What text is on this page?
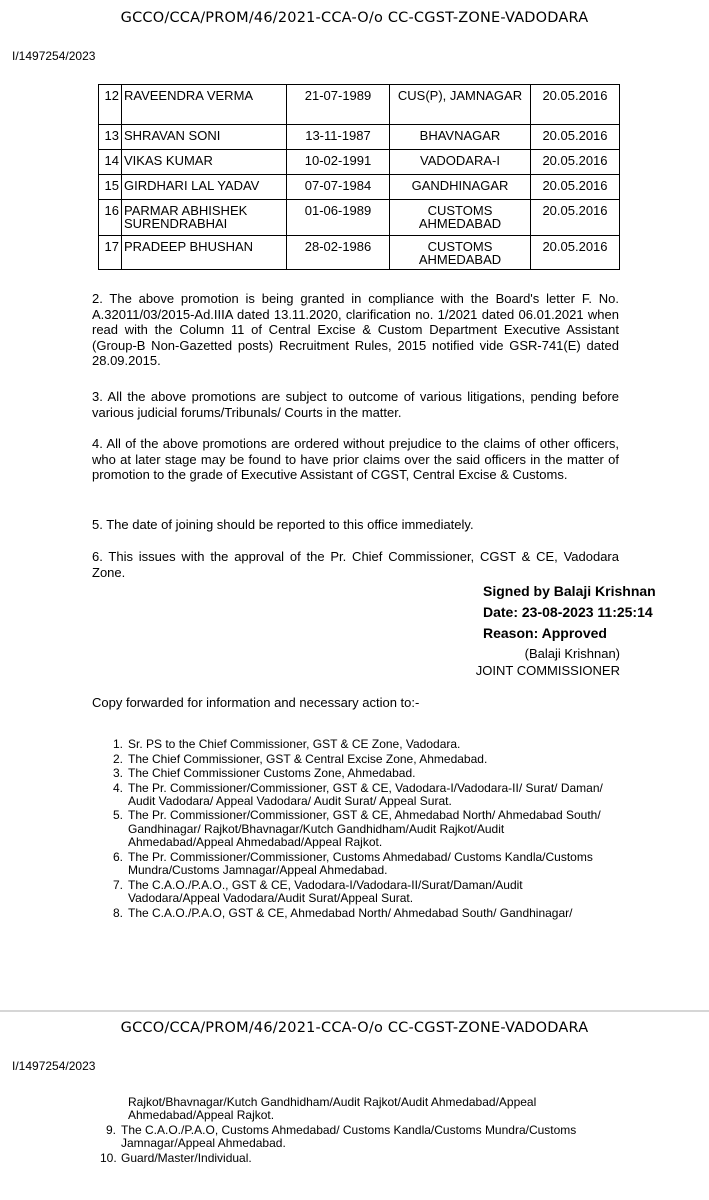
GCCO/CCA/PROM/46/2021-CCA-O/o CC-CGST-ZONE-VADODARA
I/1497254/2023
12	RAVEENDRA VERMA	21-07-1989	CUS(P), JAMNAGAR	20.05.2016
13	SHRAVAN SONI	13-11-1987	BHAVNAGAR	20.05.2016
14	VIKAS KUMAR	10-02-1991	VADODARA-I	20.05.2016
15	GIRDHARI LAL YADAV	07-07-1984	GANDHINAGAR	20.05.2016
16	PARMAR ABHISHEK SURENDRABHAI	01-06-1989	CUSTOMS AHMEDABAD	20.05.2016
17	PRADEEP BHUSHAN	28-02-1986	CUSTOMS AHMEDABAD	20.05.2016
2. The above promotion is being granted in compliance with the Board's letter F. No. A.32011/03/2015-Ad.IIIA dated 13.11.2020, clarification no. 1/2021 dated 06.01.2021 when read with the Column 11 of Central Excise & Custom Department Executive Assistant (Group-B Non-Gazetted posts) Recruitment Rules, 2015 notified vide GSR-741(E) dated 28.09.2015.
3. All the above promotions are subject to outcome of various litigations, pending before various judicial forums/Tribunals/ Courts in the matter.
4. All of the above promotions are ordered without prejudice to the claims of other officers, who at later stage may be found to have prior claims over the said officers in the matter of promotion to the grade of Executive Assistant of CGST, Central Excise & Customs.
5. The date of joining should be reported to this office immediately.
6. This issues with the approval of the Pr. Chief Commissioner, CGST & CE, Vadodara Zone.
Signed by Balaji Krishnan
Date: 23-08-2023 11:25:14
Reason: Approved
(Balaji Krishnan)
JOINT COMMISSIONER
Copy forwarded for information and necessary action to:-
1. Sr. PS to the Chief Commissioner, GST & CE Zone, Vadodara.
2. The Chief Commissioner, GST & Central Excise Zone, Ahmedabad.
3. The Chief Commissioner Customs Zone, Ahmedabad.
4. The Pr. Commissioner/Commissioner, GST & CE, Vadodara-I/Vadodara-II/ Surat/ Daman/ Audit Vadodara/ Appeal Vadodara/ Audit Surat/ Appeal Surat.
5. The Pr. Commissioner/Commissioner, GST & CE, Ahmedabad North/ Ahmedabad South/ Gandhinagar/ Rajkot/Bhavnagar/Kutch Gandhidham/Audit Rajkot/Audit Ahmedabad/Appeal Ahmedabad/Appeal Rajkot.
6. The Pr. Commissioner/Commissioner, Customs Ahmedabad/ Customs Kandla/Customs Mundra/Customs Jamnagar/Appeal Ahmedabad.
7. The C.A.O./P.A.O., GST & CE, Vadodara-I/Vadodara-II/Surat/Daman/Audit Vadodara/Appeal Vadodara/Audit Surat/Appeal Surat.
8. The C.A.O./P.A.O, GST & CE, Ahmedabad North/ Ahmedabad South/ Gandhinagar/
GCCO/CCA/PROM/46/2021-CCA-O/o CC-CGST-ZONE-VADODARA
I/1497254/2023
Rajkot/Bhavnagar/Kutch Gandhidham/Audit Rajkot/Audit Ahmedabad/Appeal Ahmedabad/Appeal Rajkot.
9. The C.A.O./P.A.O, Customs Ahmedabad/ Customs Kandla/Customs Mundra/Customs Jamnagar/Appeal Ahmedabad.
10. Guard/Master/Individual.
